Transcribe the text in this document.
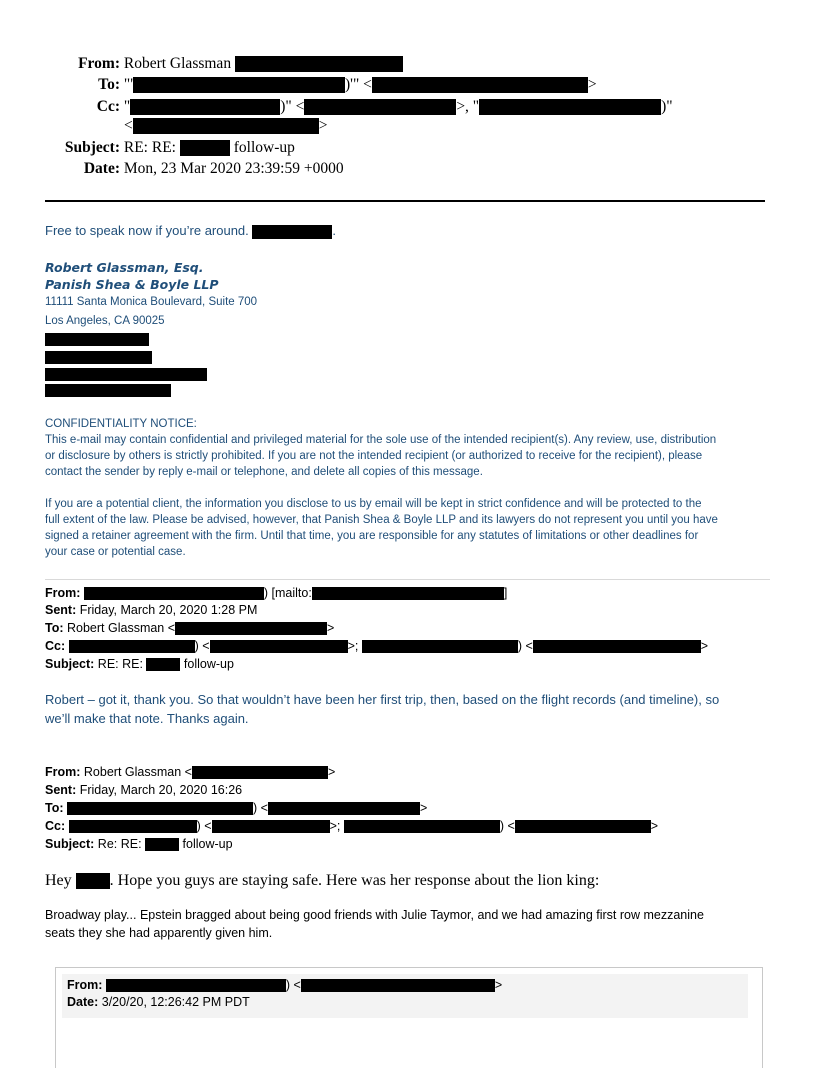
From: Robert Glassman
To: "'	)'" <	>
Cc: "	)" <	>, "	)"
<	>
Subject: RE: RE:	follow-up
Date: Mon, 23 Mar 2020 23:39:59 +0000
Free to speak now if you’re around.	.
Robert Glassman, Esq.
Panish Shea & Boyle LLP
11111 Santa Monica Boulevard, Suite 700
Los Angeles, CA 90025
CONFIDENTIALITY NOTICE:
This e-mail may contain confidential and privileged material for the sole use of the intended recipient(s). Any review, use, distribution
or disclosure by others is strictly prohibited. If you are not the intended recipient (or authorized to receive for the recipient), please
contact the sender by reply e-mail or telephone, and delete all copies of this message.
If you are a potential client, the information you disclose to us by email will be kept in strict confidence and will be protected to the
full extent of the law. Please be advised, however, that Panish Shea & Boyle LLP and its lawyers do not represent you until you have
signed a retainer agreement with the firm. Until that time, you are responsible for any statutes of limitations or other deadlines for
your case or potential case.
From:	) [mailto:	]
Sent: Friday, March 20, 2020 1:28 PM
To: Robert Glassman <	>
Cc:	) <	>;	) <	>
Subject: RE: RE:	follow-up
Robert – got it, thank you. So that wouldn’t have been her first trip, then, based on the flight records (and timeline), so
we’ll make that note. Thanks again.
From: Robert Glassman <	>
Sent: Friday, March 20, 2020 16:26
To:	) <	>
Cc:	) <	>;	) <	>
Subject: Re: RE:	follow-up
Hey . Hope you guys are staying safe. Here was her response about the lion king:
Broadway play... Epstein bragged about being good friends with Julie Taymor, and we had amazing first row mezzanine
seats they she had apparently given him.
From:	) <	>
Date: 3/20/20, 12:26:42 PM PDT
